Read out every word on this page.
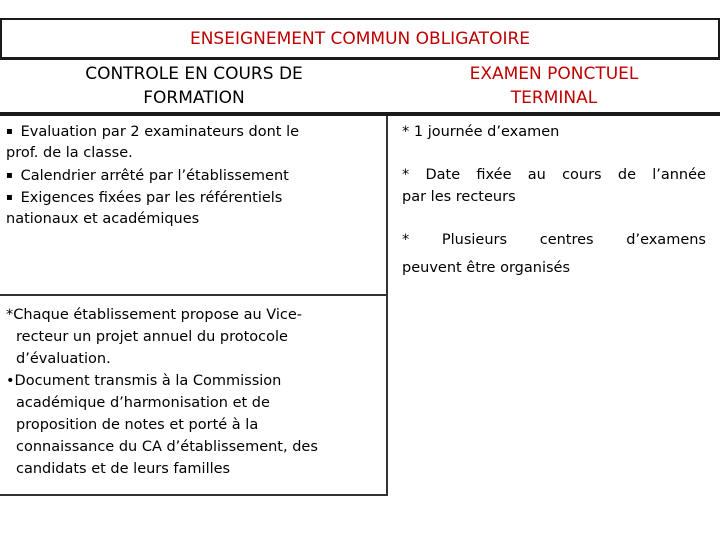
ENSEIGNEMENT COMMUN OBLIGATOIRE
CONTROLE EN COURS DE
FORMATION
EXAMEN PONCTUEL
TERMINAL
▪ Evaluation par 2 examinateurs dont le
prof. de la classe.
▪ Calendrier arrêté par l’établissement
▪ Exigences fixées par les référentiels
nationaux et académiques
*Chaque établissement propose au Vice-
recteur un projet annuel du protocole
d’évaluation.
•Document transmis à la Commission
académique d’harmonisation et de
proposition de notes et porté à la
connaissance du CA d’établissement, des
candidats et de leurs familles
* 1 journée d’examen
* Date fixée au cours de l’année
par les recteurs
* Plusieurs centres d’examens
peuvent être organisés
